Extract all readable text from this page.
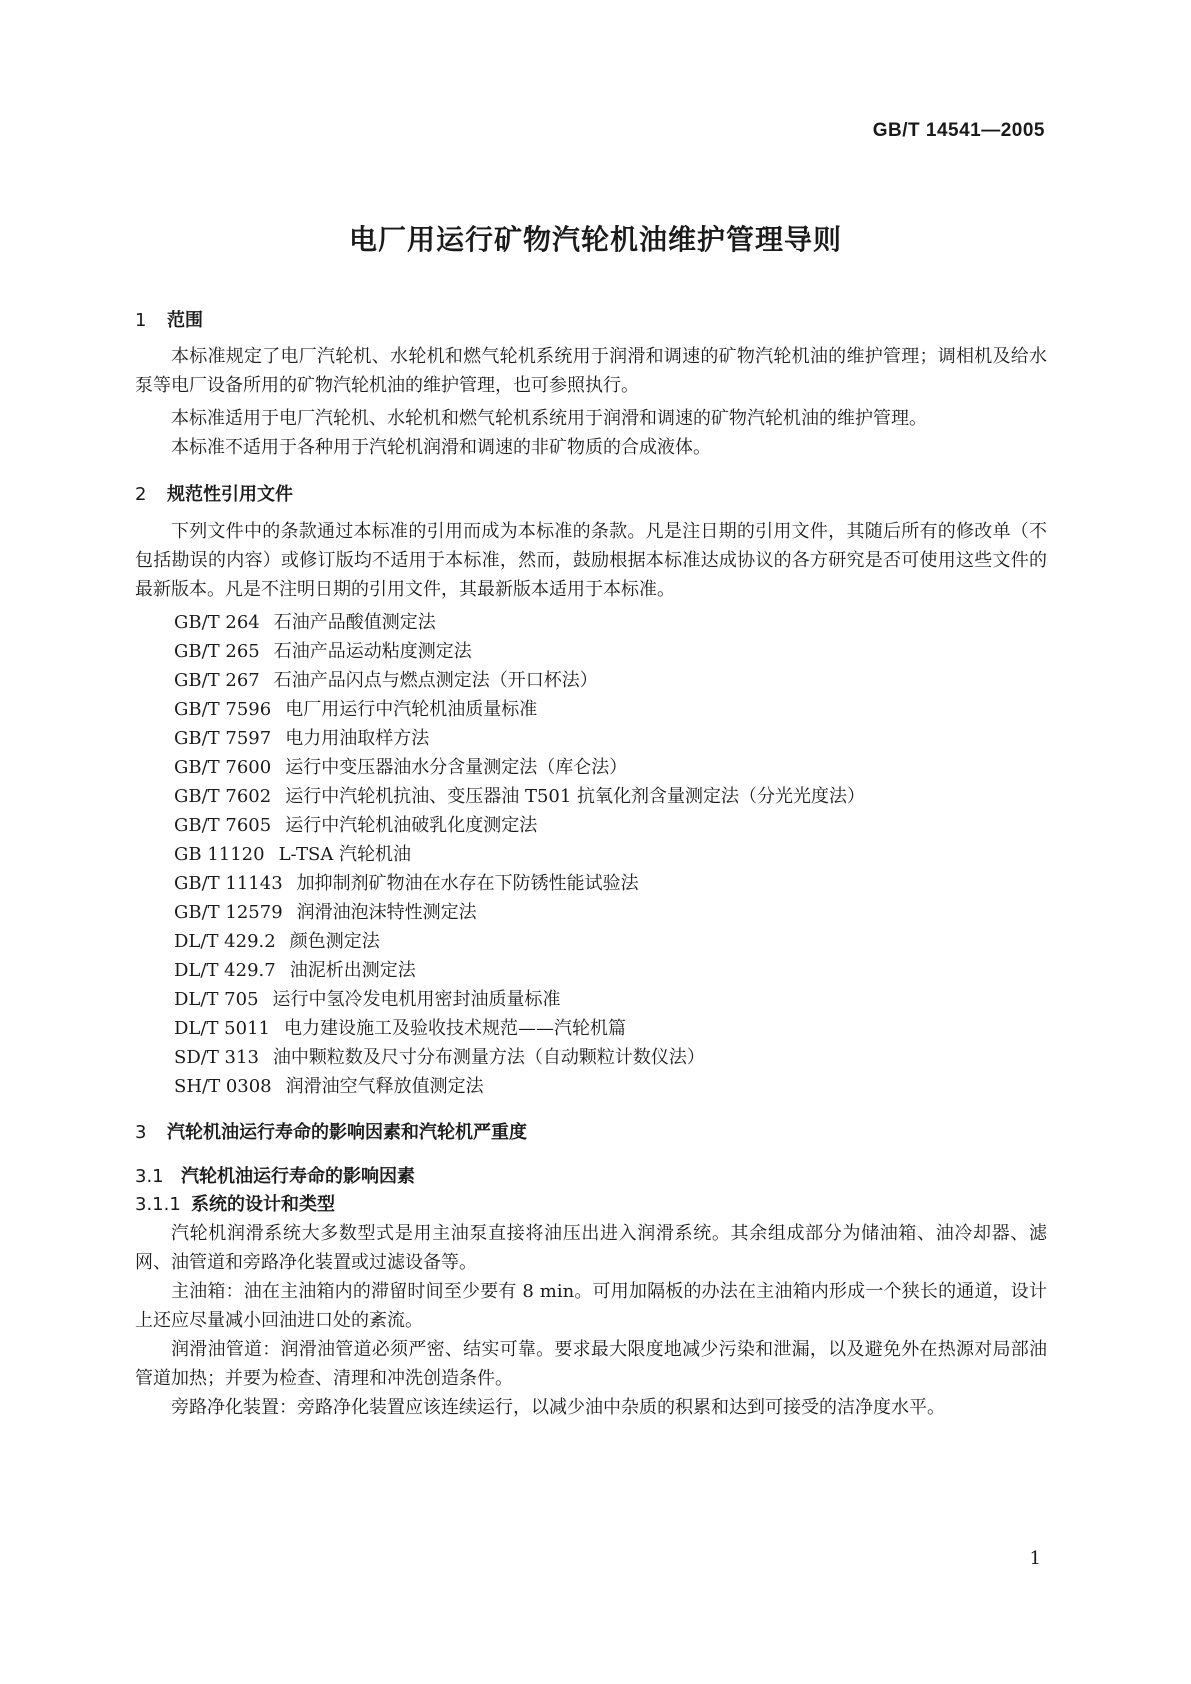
GB/T 14541—2005
电厂用运行矿物汽轮机油维护管理导则
1 范围
本标准规定了电厂汽轮机、水轮机和燃气轮机系统用于润滑和调速的矿物汽轮机油的维护管理；调相机及给水泵等电厂设备所用的矿物汽轮机油的维护管理，也可参照执行。
本标准适用于电厂汽轮机、水轮机和燃气轮机系统用于润滑和调速的矿物汽轮机油的维护管理。
本标准不适用于各种用于汽轮机润滑和调速的非矿物质的合成液体。
2 规范性引用文件
下列文件中的条款通过本标准的引用而成为本标准的条款。凡是注日期的引用文件，其随后所有的修改单（不包括勘误的内容）或修订版均不适用于本标准，然而，鼓励根据本标准达成协议的各方研究是否可使用这些文件的最新版本。凡是不注明日期的引用文件，其最新版本适用于本标准。
GB/T 264 石油产品酸值测定法
GB/T 265 石油产品运动粘度测定法
GB/T 267 石油产品闪点与燃点测定法（开口杯法）
GB/T 7596 电厂用运行中汽轮机油质量标准
GB/T 7597 电力用油取样方法
GB/T 7600 运行中变压器油水分含量测定法（库仑法）
GB/T 7602 运行中汽轮机抗油、变压器油 T501 抗氧化剂含量测定法（分光光度法）
GB/T 7605 运行中汽轮机油破乳化度测定法
GB 11120 L-TSA 汽轮机油
GB/T 11143 加抑制剂矿物油在水存在下防锈性能试验法
GB/T 12579 润滑油泡沫特性测定法
DL/T 429.2 颜色测定法
DL/T 429.7 油泥析出测定法
DL/T 705 运行中氢冷发电机用密封油质量标准
DL/T 5011 电力建设施工及验收技术规范——汽轮机篇
SD/T 313 油中颗粒数及尺寸分布测量方法（自动颗粒计数仪法）
SH/T 0308 润滑油空气释放值测定法
3 汽轮机油运行寿命的影响因素和汽轮机严重度
3.1 汽轮机油运行寿命的影响因素
3.1.1 系统的设计和类型
汽轮机润滑系统大多数型式是用主油泵直接将油压出进入润滑系统。其余组成部分为储油箱、油冷却器、滤网、油管道和旁路净化装置或过滤设备等。
主油箱：油在主油箱内的滞留时间至少要有 8 min。可用加隔板的办法在主油箱内形成一个狭长的通道，设计上还应尽量减小回油进口处的紊流。
润滑油管道：润滑油管道必须严密、结实可靠。要求最大限度地减少污染和泄漏，以及避免外在热源对局部油管道加热；并要为检查、清理和冲洗创造条件。
旁路净化装置：旁路净化装置应该连续运行，以减少油中杂质的积累和达到可接受的洁净度水平。
1
